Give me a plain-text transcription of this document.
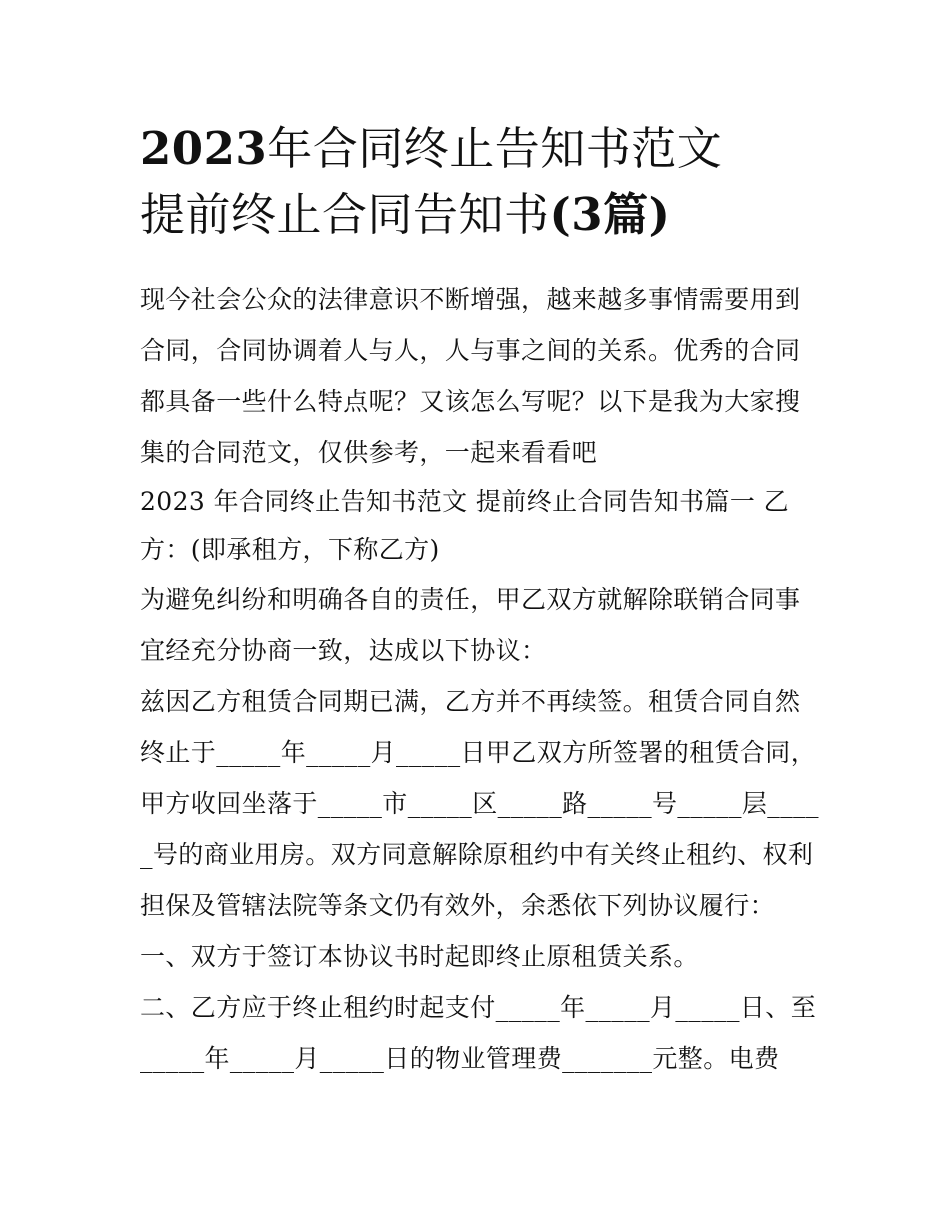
2023年合同终止告知书范文

提前终止合同告知书(3篇)

现今社会公众的法律意识不断增强，越来越多事情需要用到合同，合同协调着人与人，人与事之间的关系。优秀的合同都具备一些什么特点呢？又该怎么写呢？以下是我为大家搜集的合同范文，仅供参考，一起来看看吧

2023 年合同终止告知书范文 提前终止合同告知书篇一 乙方：(即承租方，下称乙方)

为避免纠纷和明确各自的责任，甲乙双方就解除联销合同事宜经充分协商一致，达成以下协议：

兹因乙方租赁合同期已满，乙方并不再续签。租赁合同自然终止于_____年_____月_____日甲乙双方所签署的租赁合同，甲方收回坐落于_____市_____区_____路_____号_____层_____号的商业用房。双方同意解除原租约中有关终止租约、权利担保及管辖法院等条文仍有效外，余悉依下列协议履行：

一、双方于签订本协议书时起即终止原租赁关系。

二、乙方应于终止租约时起支付_____年_____月_____日、至_____年_____月_____日的物业管理费_______元整。电费
